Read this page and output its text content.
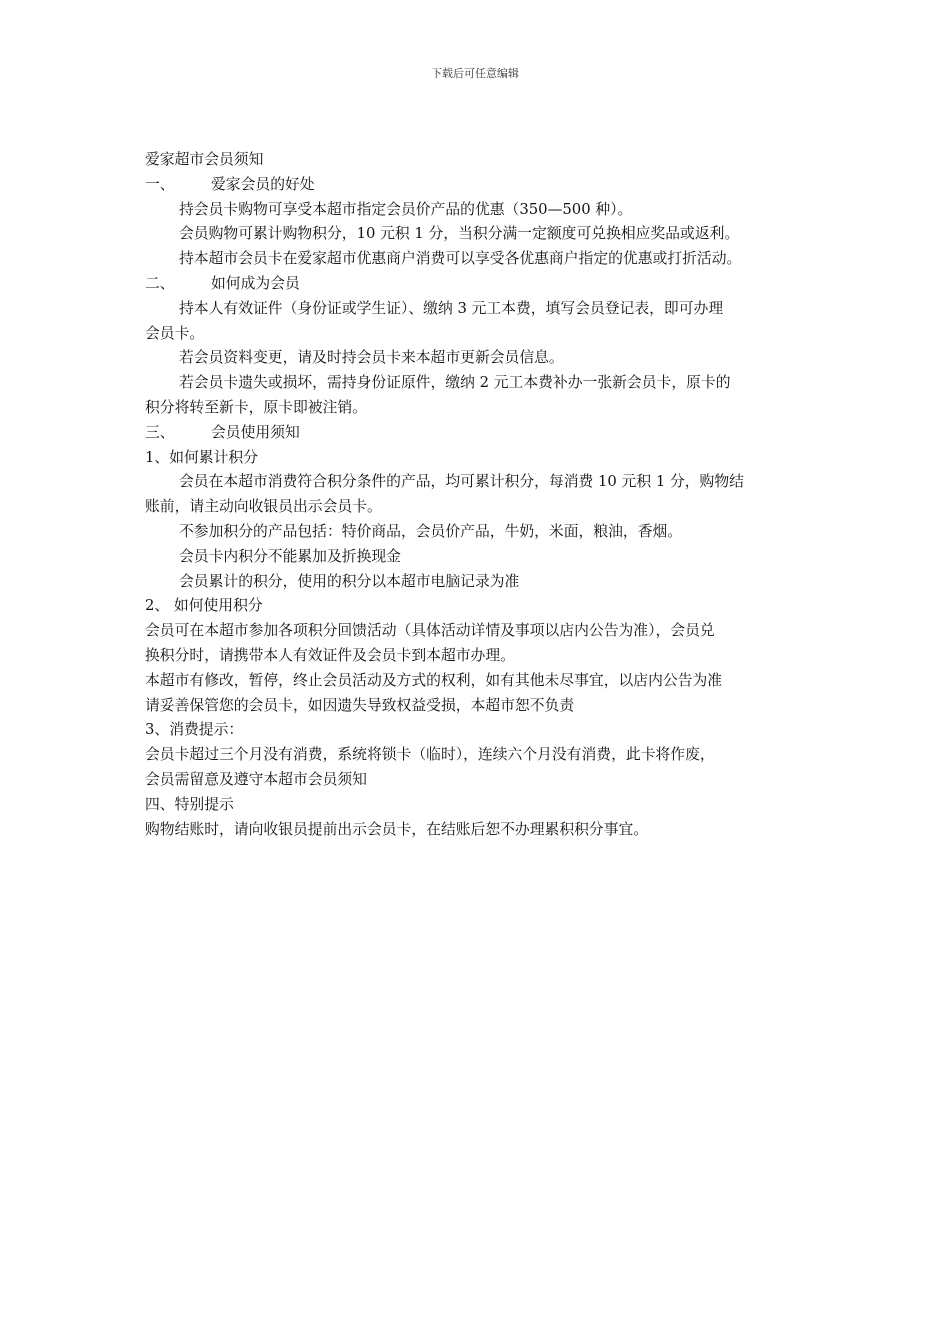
下载后可任意编辑
爱家超市会员须知
一、 爱家会员的好处
持会员卡购物可享受本超市指定会员价产品的优惠（350—500 种）。
会员购物可累计购物积分，10 元积 1 分，当积分满一定额度可兑换相应奖品或返利。
持本超市会员卡在爱家超市优惠商户消费可以享受各优惠商户指定的优惠或打折活动。
二、 如何成为会员
持本人有效证件（身份证或学生证）、缴纳 3 元工本费，填写会员登记表，即可办理
会员卡。
若会员资料变更，请及时持会员卡来本超市更新会员信息。
若会员卡遗失或损坏，需持身份证原件，缴纳 2 元工本费补办一张新会员卡，原卡的
积分将转至新卡，原卡即被注销。
三、 会员使用须知
1、如何累计积分
会员在本超市消费符合积分条件的产品，均可累计积分，每消费 10 元积 1 分，购物结
账前，请主动向收银员出示会员卡。
不参加积分的产品包括：特价商品，会员价产品，牛奶，米面，粮油，香烟。
会员卡内积分不能累加及折换现金
会员累计的积分，使用的积分以本超市电脑记录为准
2、 如何使用积分
会员可在本超市参加各项积分回馈活动（具体活动详情及事项以店内公告为准），会员兑
换积分时，请携带本人有效证件及会员卡到本超市办理。
本超市有修改，暂停，终止会员活动及方式的权利，如有其他未尽事宜，以店内公告为准
请妥善保管您的会员卡，如因遗失导致权益受损，本超市恕不负责
3、消费提示：
会员卡超过三个月没有消费，系统将锁卡（临时），连续六个月没有消费，此卡将作废，
会员需留意及遵守本超市会员须知
四、特别提示
购物结账时，请向收银员提前出示会员卡，在结账后恕不办理累积积分事宜。
